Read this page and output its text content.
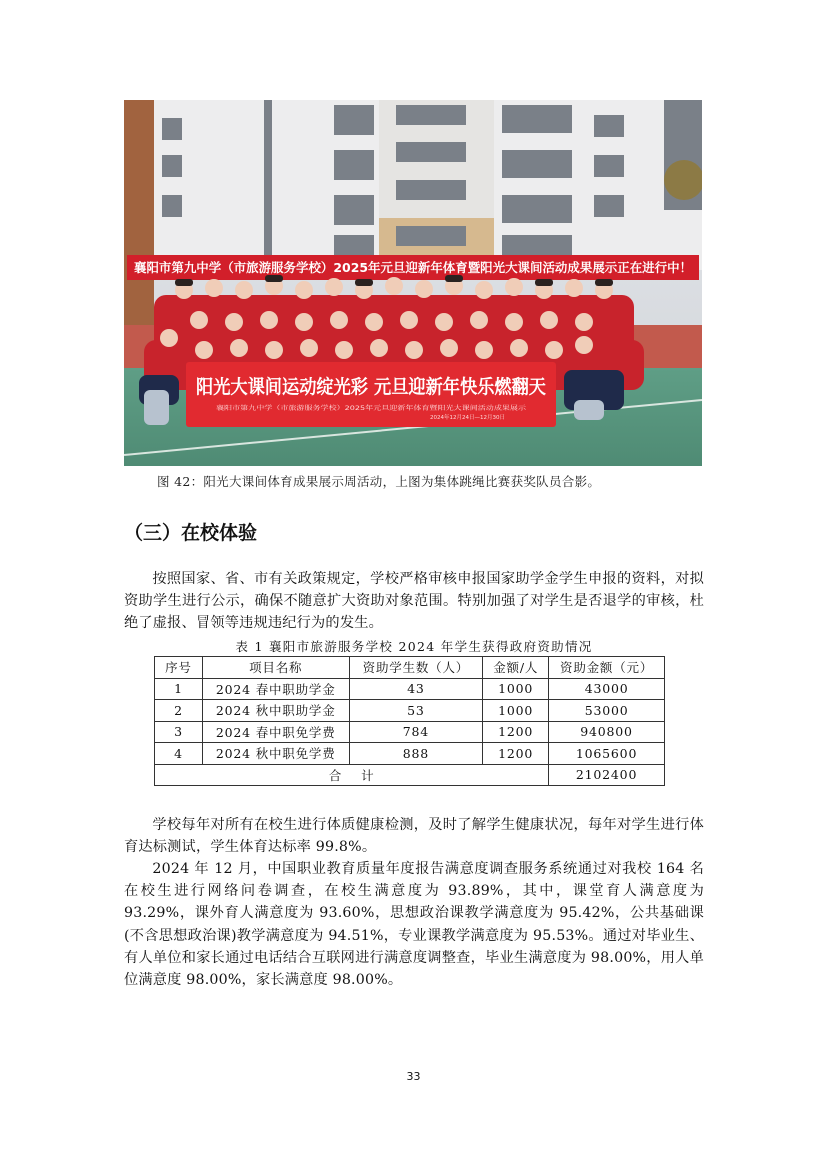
襄阳市第九中学（市旅游服务学校）2025年元旦迎新年体育暨阳光大课间活动成果展示正在进行中！
阳光大课间运动绽光彩 元旦迎新年快乐燃翻天
襄阳市第九中学（市旅游服务学校）2025年元旦迎新年体育暨阳光大课间活动成果展示
2024年12月24日—12月30日
图 42：阳光大课间体育成果展示周活动，上图为集体跳绳比赛获奖队员合影。
（三）在校体验

按照国家、省、市有关政策规定，学校严格审核申报国家助学金学生申报的资料，对拟资助学生进行公示，确保不随意扩大资助对象范围。特别加强了对学生是否退学的审核，杜绝了虚报、冒领等违规违纪行为的发生。

表 1 襄阳市旅游服务学校 2024 年学生获得政府资助情况
序号	项目名称	资助学生数（人）	金额/人	资助金额（元）
1	2024 春中职助学金	43	1000	43000
2	2024 秋中职助学金	53	1000	53000
3	2024 春中职免学费	784	1200	940800
4	2024 秋中职免学费	888	1200	1065600
合    计				2102400

学校每年对所有在校生进行体质健康检测，及时了解学生健康状况，每年对学生进行体育达标测试，学生体育达标率 99.8%。

2024 年 12 月，中国职业教育质量年度报告满意度调查服务系统通过对我校 164 名在校生进行网络问卷调查，在校生满意度为 93.89%，其中，课堂育人满意度为 93.29%，课外育人满意度为 93.60%，思想政治课教学满意度为 95.42%，公共基础课(不含思想政治课)教学满意度为 94.51%，专业课教学满意度为 95.53%。通过对毕业生、有人单位和家长通过电话结合互联网进行满意度调整查，毕业生满意度为 98.00%，用人单位满意度 98.00%，家长满意度 98.00%。

33
